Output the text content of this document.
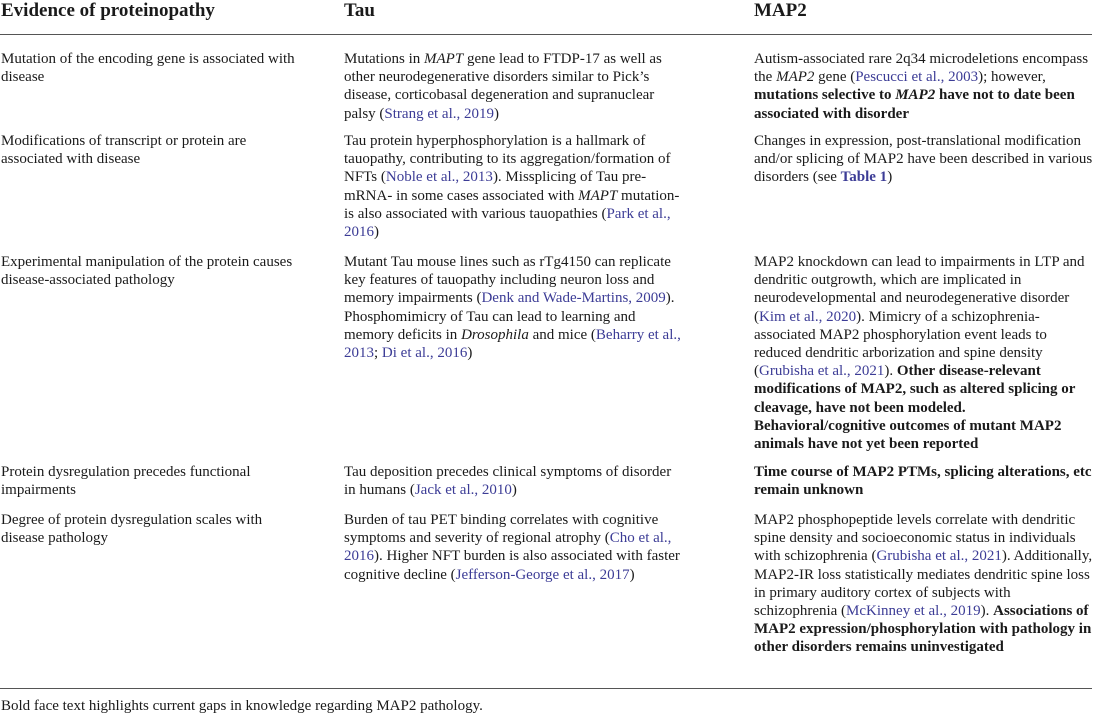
Evidence of proteinopathy	Tau	MAP2
Mutation of the encoding gene is associated with disease
Mutations in MAPT gene lead to FTDP-17 as well as other neurodegenerative disorders similar to Pick’s disease, corticobasal degeneration and supranuclear palsy (Strang et al., 2019)
Autism-associated rare 2q34 microdeletions encompass the MAP2 gene (Pescucci et al., 2003); however, mutations selective to MAP2 have not to date been associated with disorder
Modifications of transcript or protein are associated with disease
Tau protein hyperphosphorylation is a hallmark of tauopathy, contributing to its aggregation/formation of NFTs (Noble et al., 2013). Missplicing of Tau pre-mRNA- in some cases associated with MAPT mutation- is also associated with various tauopathies (Park et al., 2016)
Changes in expression, post-translational modification and/or splicing of MAP2 have been described in various disorders (see Table 1)
Experimental manipulation of the protein causes disease-associated pathology
Mutant Tau mouse lines such as rTg4150 can replicate key features of tauopathy including neuron loss and memory impairments (Denk and Wade-Martins, 2009). Phosphomimicry of Tau can lead to learning and memory deficits in Drosophila and mice (Beharry et al., 2013; Di et al., 2016)
MAP2 knockdown can lead to impairments in LTP and dendritic outgrowth, which are implicated in neurodevelopmental and neurodegenerative disorder (Kim et al., 2020). Mimicry of a schizophrenia-associated MAP2 phosphorylation event leads to reduced dendritic arborization and spine density (Grubisha et al., 2021). Other disease-relevant modifications of MAP2, such as altered splicing or cleavage, have not been modeled. Behavioral/cognitive outcomes of mutant MAP2 animals have not yet been reported
Protein dysregulation precedes functional impairments
Tau deposition precedes clinical symptoms of disorder in humans (Jack et al., 2010)
Time course of MAP2 PTMs, splicing alterations, etc remain unknown
Degree of protein dysregulation scales with disease pathology
Burden of tau PET binding correlates with cognitive symptoms and severity of regional atrophy (Cho et al., 2016). Higher NFT burden is also associated with faster cognitive decline (Jefferson-George et al., 2017)
MAP2 phosphopeptide levels correlate with dendritic spine density and socioeconomic status in individuals with schizophrenia (Grubisha et al., 2021). Additionally, MAP2-IR loss statistically mediates dendritic spine loss in primary auditory cortex of subjects with schizophrenia (McKinney et al., 2019). Associations of MAP2 expression/phosphorylation with pathology in other disorders remains uninvestigated
Bold face text highlights current gaps in knowledge regarding MAP2 pathology.
